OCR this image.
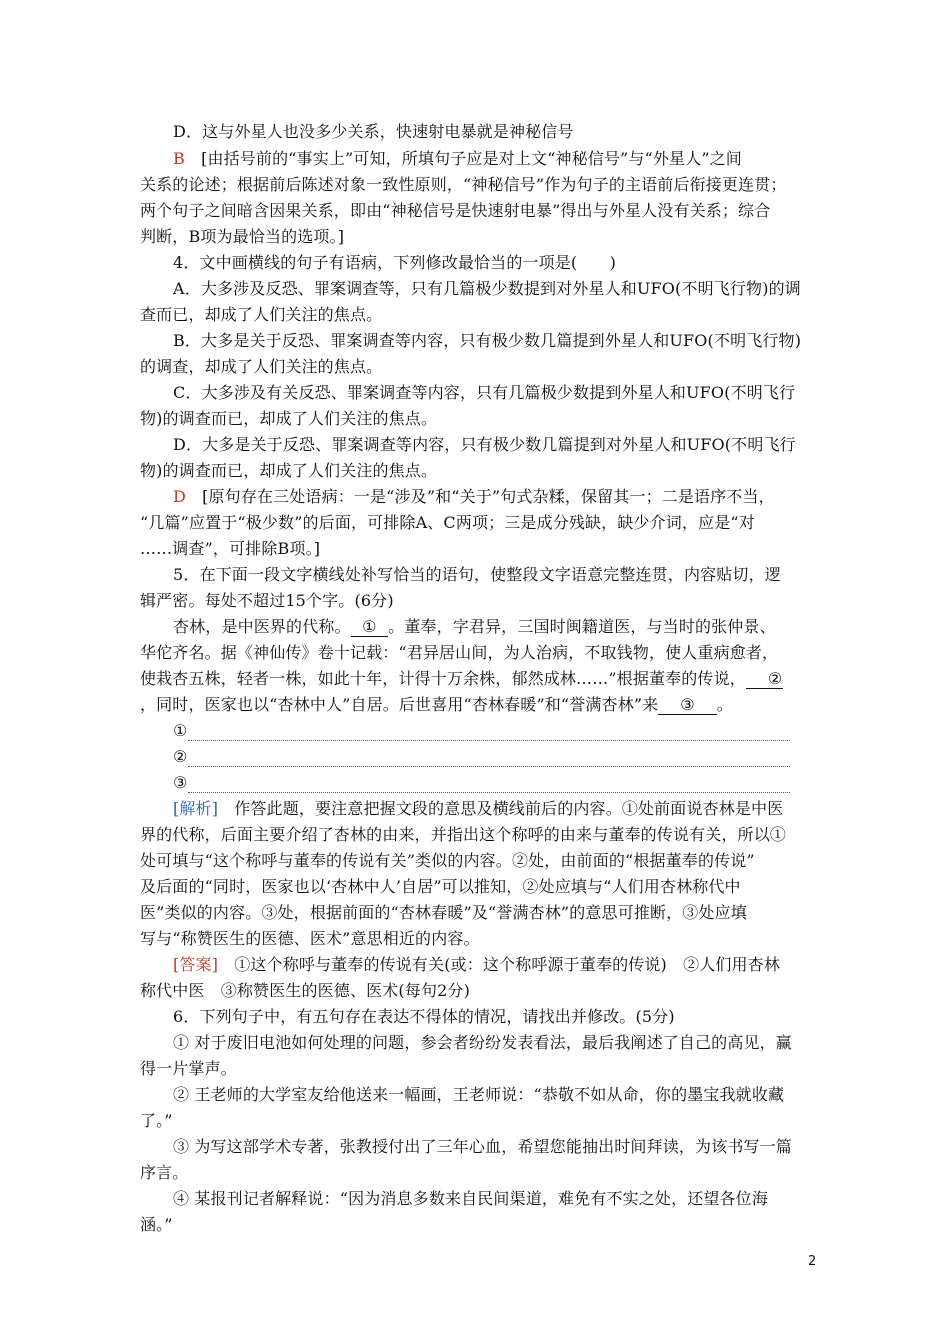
D．这与外星人也没多少关系，快速射电暴就是神秘信号
B　 [由括号前的“事实上”可知，所填句子应是对上文“神秘信号”与“外星人”之间
关系的论述；根据前后陈述对象一致性原则，“神秘信号”作为句子的主语前后衔接更连贯；
两个句子之间暗含因果关系，即由“神秘信号是快速射电暴”得出与外星人没有关系；综合
判断，B项为最恰当的选项。]
4．文中画横线的句子有语病，下列修改最恰当的一项是(　　)
A．大多涉及反恐、罪案调查等，只有几篇极少数提到对外星人和UFO(不明飞行物)的调
查而已，却成了人们关注的焦点。
B．大多是关于反恐、罪案调查等内容，只有极少数几篇提到外星人和UFO(不明飞行物)
的调查，却成了人们关注的焦点。
C．大多涉及有关反恐、罪案调查等内容，只有几篇极少数提到外星人和UFO(不明飞行
物)的调查而已，却成了人们关注的焦点。
D．大多是关于反恐、罪案调查等内容，只有极少数几篇提到对外星人和UFO(不明飞行
物)的调查而已，却成了人们关注的焦点。
D　 [原句存在三处语病：一是“涉及”和“关于”句式杂糅，保留其一；二是语序不当，
“几篇”应置于“极少数”的后面，可排除A、C两项；三是成分残缺，缺少介词，应是“对
……调查”，可排除B项。]
5．在下面一段文字横线处补写恰当的语句，使整段文字语意完整连贯，内容贴切，逻
辑严密。每处不超过15个字。(6分)
杏林，是中医界的代称。 ① 。董奉，字君异，三国时闽籍道医，与当时的张仲景、
华佗齐名。据《神仙传》卷十记载：“君异居山间，为人治病，不取钱物，使人重病愈者，
使栽杏五株，轻者一株，如此十年，计得十万余株，郁然成林……”根据董奉的传说， ②
，同时，医家也以“杏林中人”自居。后世喜用“杏林春暖”和“誉满杏林”来 ③ 。
①
②
③
[解析]　 作答此题，要注意把握文段的意思及横线前后的内容。①处前面说杏林是中医
界的代称，后面主要介绍了杏林的由来，并指出这个称呼的由来与董奉的传说有关，所以①
处可填与“这个称呼与董奉的传说有关”类似的内容。②处，由前面的“根据董奉的传说”
及后面的“同时，医家也以‘杏林中人’自居”可以推知，②处应填与“人们用杏林称代中
医”类似的内容。③处，根据前面的“杏林春暖”及“誉满杏林”的意思可推断，③处应填
写与“称赞医生的医德、医术”意思相近的内容。
[答案]　 ①这个称呼与董奉的传说有关(或：这个称呼源于董奉的传说)　②人们用杏林
称代中医　③称赞医生的医德、医术(每句2分)
6．下列句子中，有五句存在表达不得体的情况，请找出并修改。(5分)
① 对于废旧电池如何处理的问题，参会者纷纷发表看法，最后我阐述了自己的高见，赢
得一片掌声。
② 王老师的大学室友给他送来一幅画，王老师说：“恭敬不如从命，你的墨宝我就收藏
了。”
③ 为写这部学术专著，张教授付出了三年心血，希望您能抽出时间拜读，为该书写一篇
序言。
④ 某报刊记者解释说：“因为消息多数来自民间渠道，难免有不实之处，还望各位海
涵。”
2
